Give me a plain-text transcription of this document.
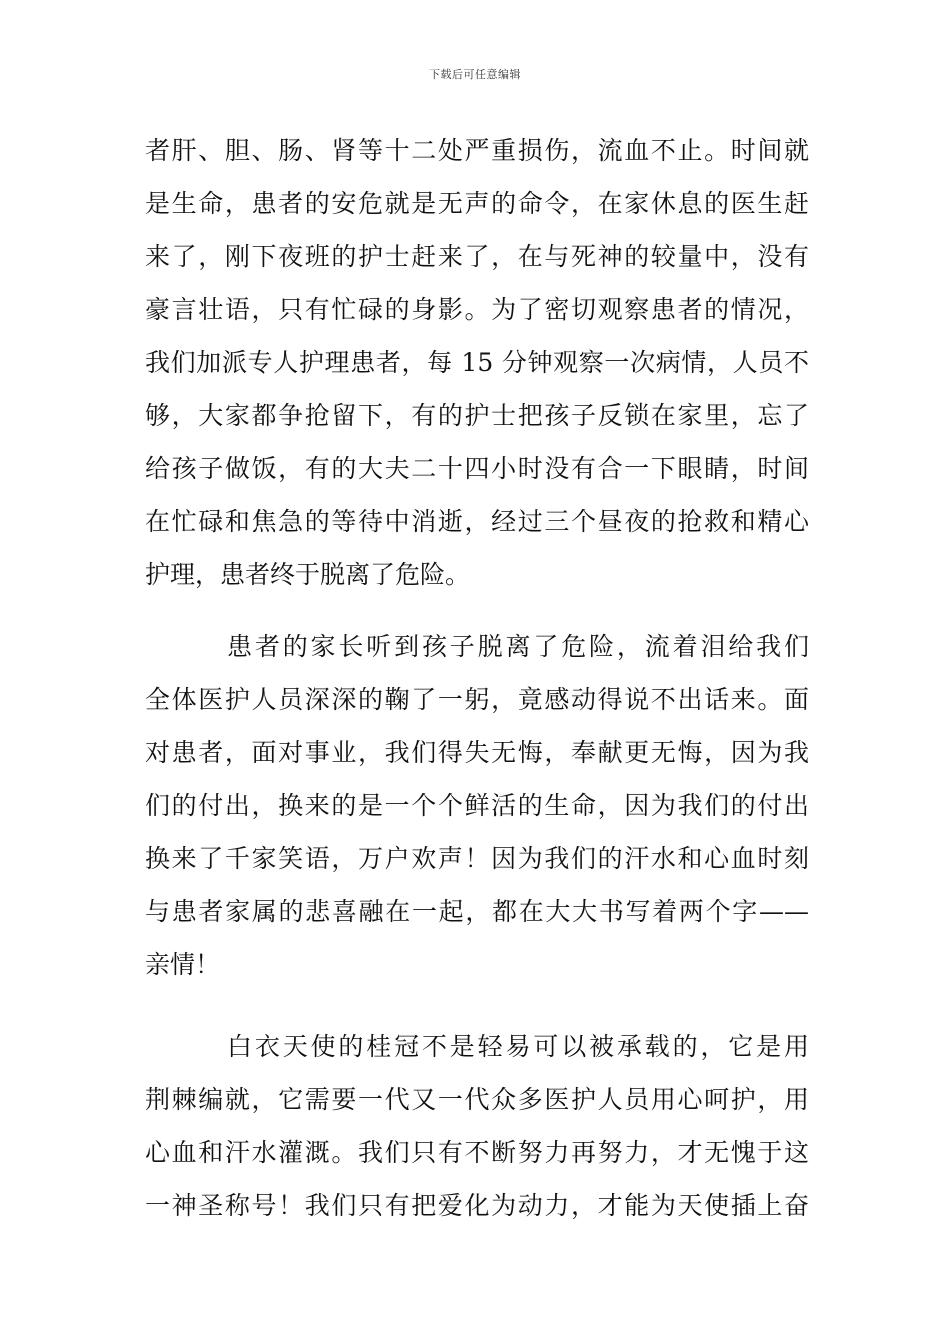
下载后可任意编辑
者肝、胆、肠、肾等十二处严重损伤，流血不止。时间就
是生命，患者的安危就是无声的命令，在家休息的医生赶
来了，刚下夜班的护士赶来了，在与死神的较量中，没有
豪言壮语，只有忙碌的身影。为了密切观察患者的情况，
我们加派专人护理患者，每 15 分钟观察一次病情，人员不
够，大家都争抢留下，有的护士把孩子反锁在家里，忘了
给孩子做饭，有的大夫二十四小时没有合一下眼睛，时间
在忙碌和焦急的等待中消逝，经过三个昼夜的抢救和精心
护理，患者终于脱离了危险。
患者的家长听到孩子脱离了危险，流着泪给我们
全体医护人员深深的鞠了一躬，竟感动得说不出话来。面
对患者，面对事业，我们得失无悔，奉献更无悔，因为我
们的付出，换来的是一个个鲜活的生命，因为我们的付出
换来了千家笑语，万户欢声！因为我们的汗水和心血时刻
与患者家属的悲喜融在一起，都在大大书写着两个字——
亲情！
白衣天使的桂冠不是轻易可以被承载的，它是用
荆棘编就，它需要一代又一代众多医护人员用心呵护，用
心血和汗水灌溉。我们只有不断努力再努力，才无愧于这
一神圣称号！我们只有把爱化为动力，才能为天使插上奋
